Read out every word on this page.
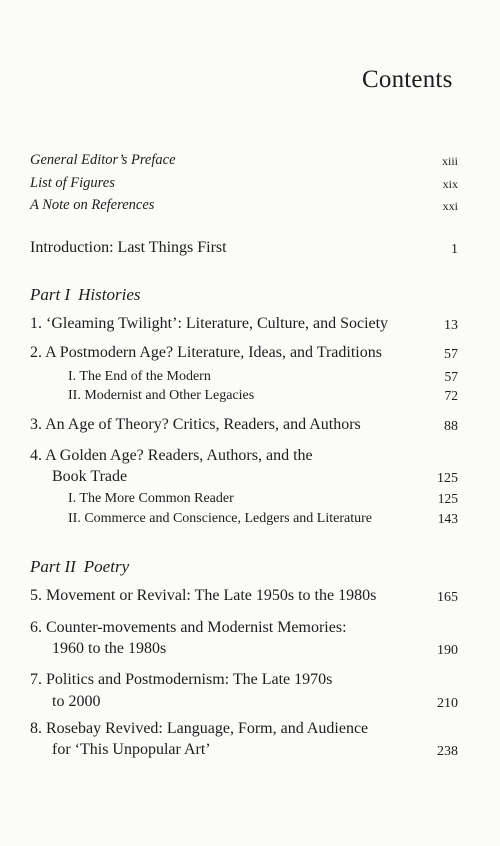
Contents
General Editor’s Preface	xiii
List of Figures	xix
A Note on References	xxi
Introduction: Last Things First	1
Part I Histories
1. ‘Gleaming Twilight’: Literature, Culture, and Society	13
2. A Postmodern Age? Literature, Ideas, and Traditions	57
I. The End of the Modern	57
II. Modernist and Other Legacies	72
3. An Age of Theory? Critics, Readers, and Authors	88
4. A Golden Age? Readers, Authors, and the
Book Trade	125
I. The More Common Reader	125
II. Commerce and Conscience, Ledgers and Literature	143
Part II Poetry
5. Movement or Revival: The Late 1950s to the 1980s	165
6. Counter-movements and Modernist Memories:
1960 to the 1980s	190
7. Politics and Postmodernism: The Late 1970s
to 2000	210
8. Rosebay Revived: Language, Form, and Audience
for ‘This Unpopular Art’	238
